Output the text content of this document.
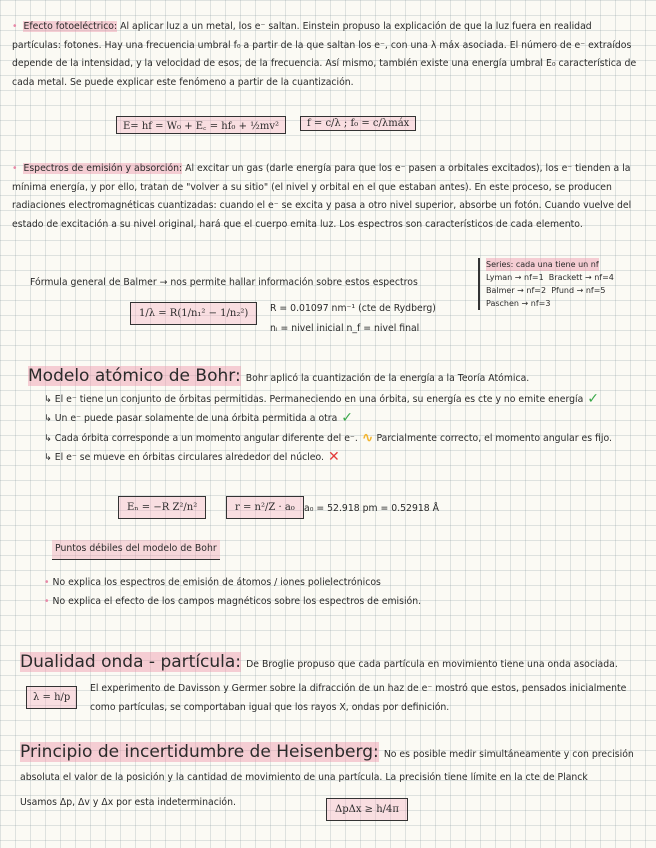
• Efecto fotoeléctrico: Al aplicar luz a un metal, los e⁻ saltan. Einstein propuso la explicación de que la luz fuera en realidad partículas: fotones. Hay una frecuencia umbral f₀ a partir de la que saltan los e⁻, con una λ máx asociada. El número de e⁻ extraídos depende de la intensidad, y la velocidad de esos, de la frecuencia. Así mismo, también existe una energía umbral E₀ característica de cada metal. Se puede explicar este fenómeno a partir de la cuantización.
E= hf = W₀ + E꜀ = hf₀ + ½mv²	f = c/λ ; f₀ = c/λmáx
• Espectros de emisión y absorción: Al excitar un gas (darle energía para que los e⁻ pasen a orbitales excitados), los e⁻ tienden a la mínima energía, y por ello, tratan de "volver a su sitio" (el nivel y orbital en el que estaban antes). En este proceso, se producen radiaciones electromagnéticas cuantizadas: cuando el e⁻ se excita y pasa a otro nivel superior, absorbe un fotón. Cuando vuelve del estado de excitación a su nivel original, hará que el cuerpo emita luz. Los espectros son característicos de cada elemento.
Fórmula general de Balmer → nos permite hallar información sobre estos espectros
1/λ = R(1/n₁² − 1/n₂²)	R = 0.01097 nm⁻¹ (cte de Rydberg)
nᵢ = nivel inicial n_f = nivel final
Series: cada una tiene un nf
Lyman → nf=1 Brackett → nf=4
Balmer → nf=2 Pfund → nf=5
Paschen → nf=3
Modelo atómico de Bohr: Bohr aplicó la cuantización de la energía a la Teoría Atómica.
↳ El e⁻ tiene un conjunto de órbitas permitidas. Permaneciendo en una órbita, su energía es cte y no emite energía ✓
↳ Un e⁻ puede pasar solamente de una órbita permitida a otra ✓
↳ Cada órbita corresponde a un momento angular diferente del e⁻. ∿ Parcialmente correcto, el momento angular es fijo.
↳ El e⁻ se mueve en órbitas circulares alrededor del núcleo. ✕
Eₙ = −R Z²/n²	r = n²/Z · a₀ a₀ = 52.918 pm = 0.52918 Å
Puntos débiles del modelo de Bohr
• No explica los espectros de emisión de átomos / iones polielectrónicos
• No explica el efecto de los campos magnéticos sobre los espectros de emisión.
Dualidad onda - partícula: De Broglie propuso que cada partícula en movimiento tiene una onda asociada.
λ = h/p
El experimento de Davisson y Germer sobre la difracción de un haz de e⁻ mostró que estos, pensados inicialmente como partículas, se comportaban igual que los rayos X, ondas por definición.
Principio de incertidumbre de Heisenberg: No es posible medir simultáneamente y con precisión absoluta el valor de la posición y la cantidad de movimiento de una partícula. La precisión tiene límite en la cte de Planck
Usamos Δp, Δv y Δx por esta indeterminación.
ΔpΔx ≥ h/4π
